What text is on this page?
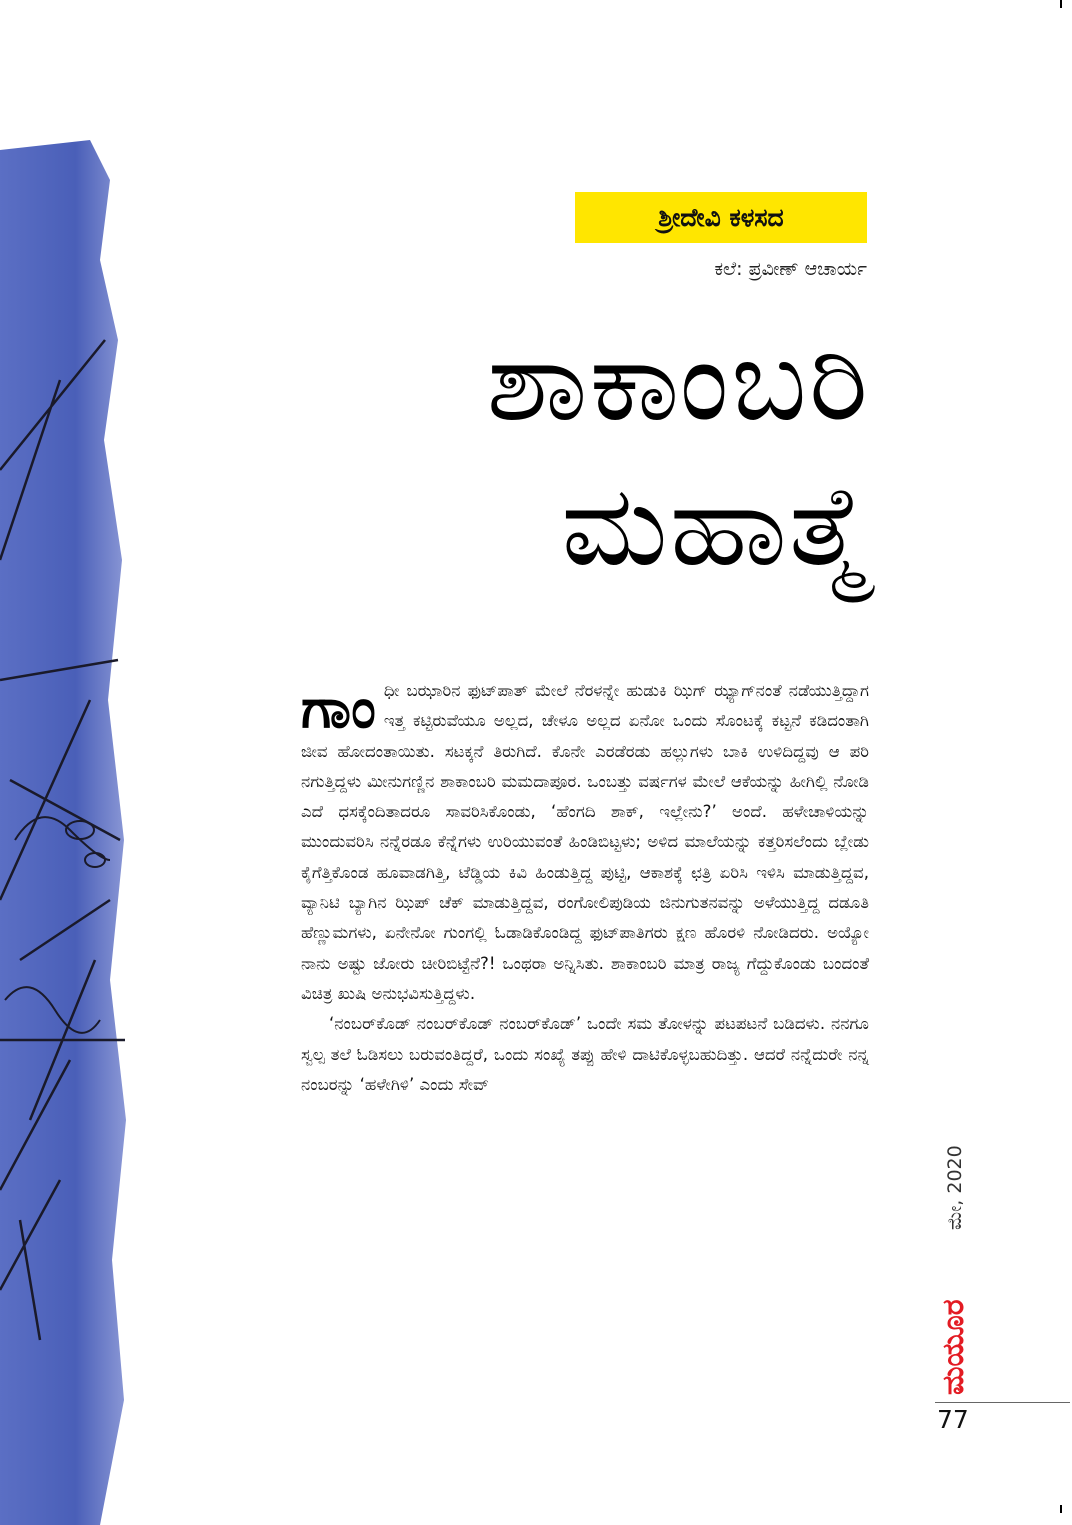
ಶ್ರೀದೇವಿ ಕಳಸದ
ಕಲೆ: ಪ್ರವೀಣ್ ಆಚಾರ್ಯ
ಶಾಕಾಂಬರಿ
ಮಹಾತ್ಮೆ

ಗಾಂಧೀ ಬಝಾರಿನ ಫುಟ್‌ಪಾತ್ ಮೇಲೆ ನೆರಳನ್ನೇ ಹುಡುಕಿ ಝಿಗ್ ಝ್ಯಾಗ್‌ನಂತೆ ನಡೆಯುತ್ತಿದ್ದಾಗ ಇತ್ತ ಕಟ್ಟಿರುವೆಯೂ ಅಲ್ಲದ, ಚೇಳೂ ಅಲ್ಲದ ಏನೋ ಒಂದು ಸೊಂಟಕ್ಕೆ ಕಟ್ಟನೆ ಕಡಿದಂತಾಗಿ ಜೀವ ಹೋದಂತಾಯಿತು. ಸಟಕ್ಕನೆ ತಿರುಗಿದೆ. ಕೊನೇ ಎರಡೆರಡು ಹಲ್ಲುಗಳು ಬಾಕಿ ಉಳಿದಿದ್ದವು ಆ ಪರಿ ನಗುತ್ತಿದ್ದಳು ಮೀನುಗಣ್ಣಿನ ಶಾಕಾಂಬರಿ ಮಮದಾಪೂರ. ಒಂಬತ್ತು ವರ್ಷಗಳ ಮೇಲೆ ಆಕೆಯನ್ನು ಹೀಗಿಲ್ಲಿ ನೋಡಿ ಎದೆ ಧಸಕ್ಕೆಂದಿತಾದರೂ ಸಾವರಿಸಿಕೊಂಡು, ‘ಹೆಂಗದಿ ಶಾಕ್, ಇಲ್ಲೇನು?’ ಅಂದೆ. ಹಳೇಚಾಳಿಯನ್ನು ಮುಂದುವರಿಸಿ ನನ್ನೆರಡೂ ಕೆನ್ನೆಗಳು ಉರಿಯುವಂತೆ ಹಿಂಡಿಬಿಟ್ಟಳು; ಅಳಿದ ಮಾಲೆಯನ್ನು ಕತ್ತರಿಸಲೆಂದು ಬ್ಲೇಡು ಕೈಗೆತ್ತಿಕೊಂಡ ಹೂವಾಡಗಿತ್ತಿ, ಟೆಡ್ಡಿಯ ಕಿವಿ ಹಿಂಡುತ್ತಿದ್ದ ಪುಟ್ಟಿ, ಆಕಾಶಕ್ಕೆ ಛತ್ರಿ ಏರಿಸಿ ಇಳಿಸಿ ಮಾಡುತ್ತಿದ್ದವ, ವ್ಯಾನಿಟಿ ಬ್ಯಾಗಿನ ಝಿಪ್ ಚೆಕ್ ಮಾಡುತ್ತಿದ್ದವ, ರಂಗೋಲಿಪುಡಿಯ ಜಿನುಗುತನವನ್ನು ಅಳೆಯುತ್ತಿದ್ದ ದಡೂತಿ ಹೆಣ್ಣುಮಗಳು, ಏನೇನೋ ಗುಂಗಲ್ಲಿ ಓಡಾಡಿಕೊಂಡಿದ್ದ ಫುಟ್‌ಪಾತಿಗರು ಕ್ಷಣ ಹೊರಳಿ ನೋಡಿದರು. ಅಯ್ಯೋ ನಾನು ಅಷ್ಟು ಜೋರು ಚೀರಿಬಿಟ್ಟೆನೆ?! ಒಂಥರಾ ಅನ್ನಿಸಿತು. ಶಾಕಾಂಬರಿ ಮಾತ್ರ ರಾಜ್ಯ ಗೆದ್ದುಕೊಂಡು ಬಂದಂತೆ ವಿಚಿತ್ರ ಖುಷಿ ಅನುಭವಿಸುತ್ತಿದ್ದಳು.

‘ನಂಬರ್‌ಕೊಡ್ ನಂಬರ್‌ಕೊಡ್ ನಂಬರ್‌ಕೊಡ್’ ಒಂದೇ ಸಮ ತೋಳನ್ನು ಪಟಪಟನೆ ಬಡಿದಳು. ನನಗೂ ಸ್ವಲ್ಪ ತಲೆ ಓಡಿಸಲು ಬರುವಂತಿದ್ದರೆ, ಒಂದು ಸಂಖ್ಯೆ ತಪ್ಪು ಹೇಳಿ ದಾಟಿಕೊಳ್ಳಬಹುದಿತ್ತು. ಆದರೆ ನನ್ನೆದುರೇ ನನ್ನ ನಂಬರನ್ನು ‘ಹಳೇಗಿಳಿ’ ಎಂದು ಸೇವ್

ಮೇ, 2020
ಮಯೂರ
77
